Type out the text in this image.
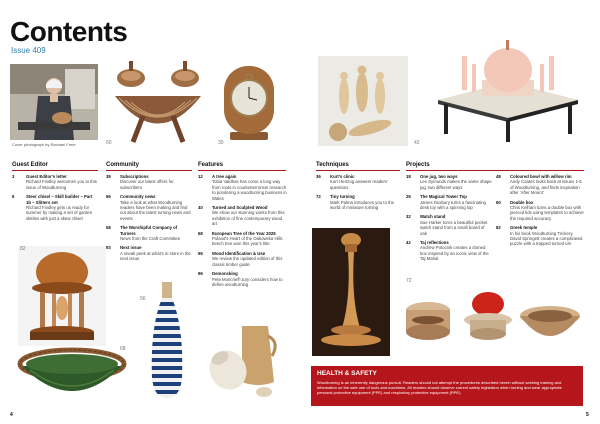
Contents
Issue 409
Cover photograph by Rachael Freer	60	30	42
Guest Editor	Community	Features	Techniques	Projects
3	Guest Editor's letter
Richard Findley welcomes you to this issue of Woodturning
6	Steer chisel – Skill builder – Part 1b – Slitters set
Richard Findley gets us ready for summer by making a set of garden skittles with just a skew chisel
39	Subscriptions
Discover our latest offers for subscribers
56	Community news
Take a look at what Woodturning readers have been making and find out about the latest turning news and events
58	The Worshipful Company of Turners
News from the Craft Committee
93	Next issue
A sneak peek at what's in store in the next issue
12	A tree again
Tobia Valdhas has come a long way from roots in counterterrorism research to pondering a woodturning business in Wales
40	Turned and Sculpted Wood
We show our stunning works from this exhibition of fine contemporary wood art
68	European Tree of the Year 2025
Poland's Heart of the Oakowska Hills beech tree won this year's title
95	Wood Identification & Use
We review the updated edition of this classic timber guide
96	Demoncking
Pete Moncrieff-Jury considers how to define woodturning
36	Kurt's clinic
Kurt Hertzog answers readers' questions
72	Tiny turning
Mark Palma introduces you to the world of miniature turning
18	One jug, two ways
Les Symonds makes the same shape jug, two different ways
26	The Magical Tower Top
James Duxbury turns a fascinating desk toy with a spinning top
32	Watch stand
Sue Harker turns a beautiful pocket watch stand from a small board of oak
42	Taj reflections
Andrew Potocnik creates a domed box inspired by an iconic view of the Taj Mahal
48	Coloured bowl with willow rim
Andy Coates looks back at issues 1-5 of Woodturning, and finds inspiration after 'After Mount'
60	Double box
Chris Kelham turns a double box with pierced lids using templates to achieve the required accuracy
82	Greek temple
In his book Woodturning Trickery, David Springett creates a complicated puzzle with a trapped turned urn
82
56
68
72
HEALTH & SAFETY

Woodturning is an inherently dangerous pursuit. Readers should not attempt the procedures described herein without seeking training and information on the safe use of tools and machines. All readers should observe current safety legislation when turning and wear appropriate personal protective equipment (PPE) and respiratory protective equipment (RPE).

4	5
